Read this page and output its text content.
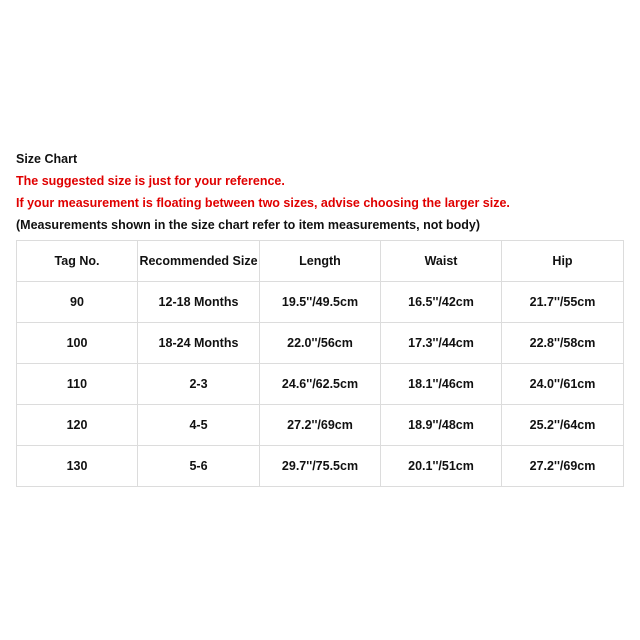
Size Chart
The suggested size is just for your reference.
If your measurement is floating between two sizes, advise choosing the larger size.
(Measurements shown in the size chart refer to item measurements, not body)
Tag No.	Recommended Size	Length	Waist	Hip
90	12-18 Months	19.5''/49.5cm	16.5''/42cm	21.7''/55cm
100	18-24 Months	22.0''/56cm	17.3''/44cm	22.8''/58cm
110	2-3	24.6''/62.5cm	18.1''/46cm	24.0''/61cm
120	4-5	27.2''/69cm	18.9''/48cm	25.2''/64cm
130	5-6	29.7''/75.5cm	20.1''/51cm	27.2''/69cm
